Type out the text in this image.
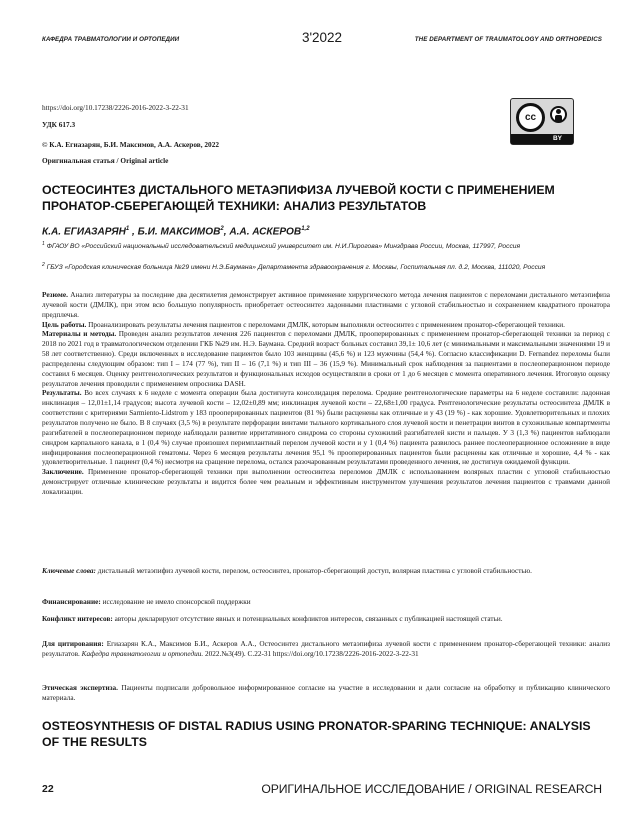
КАФЕДРА ТРАВМАТОЛОГИИ И ОРТОПЕДИИ	3'2022	THE DEPARTMENT OF TRAUMATOLOGY AND ORTHOPEDICS
https://doi.org/10.17238/2226-2016-2022-3-22-31
УДК 617.3
© К.А. Егиазарян, Б.И. Максимов, А.А. Аскеров, 2022
Оригинальная статья / Original article
cc
BY
ОСТЕОСИНТЕЗ ДИСТАЛЬНОГО МЕТАЭПИФИЗА ЛУЧЕВОЙ КОСТИ С ПРИМЕНЕНИЕМ ПРОНАТОР-СБЕРЕГАЮЩЕЙ ТЕХНИКИ: АНАЛИЗ РЕЗУЛЬТАТОВ
К.А. ЕГИАЗАРЯН$^1$ , Б.И. МАКСИМОВ$^2$, А.А. АСКЕРОВ$^{1,2}$
$^1$ ФГАОУ ВО «Российский национальный исследовательский медицинский университет им. Н.И.Пирогова» Минздрава России, Москва, 117997, Россия
$^2$ ГБУЗ «Городская клиническая больница №29 имени Н.Э.Баумана» Департамента здравоохранения г. Москвы, Госпитальная пл. д.2, Москва, 111020, Россия

Резюме. Анализ литературы за последние два десятилетия демонстрирует активное применение хирургического метода лечения пациентов с переломами дистального метаэпифиза лучевой кости (ДМЛК), при этом всю большую популярность приобретает остеосинтез ладонными пластинами с угловой стабильностью и сохранением квадратного пронатора предплечья.

Цель работы. Проанализировать результаты лечения пациентов с переломами ДМЛК, которым выполняли остеосинтез с применением пронатор-сберегающей техники.

Материалы и методы. Проведен анализ результатов лечения 226 пациентов с переломами ДМЛК, прооперированных с применением пронатор-сберегающей техники за период с 2018 по 2021 год в травматологическом отделении ГКБ №29 им. Н.Э. Баумана. Средний возраст больных составил 39,1± 10,6 лет (с минимальными и максимальными значениями 19 и 58 лет соответственно). Среди включенных в исследование пациентов было 103 женщины (45,6 %) и 123 мужчины (54,4 %). Согласно классификации D. Fernandez переломы были распределены следующим образом: тип I – 174 (77 %), тип II – 16 (7,1 %) и тип III – 36 (15,9 %). Минимальный срок наблюдения за пациентами в послеоперационном периоде составил 6 месяцев. Оценку рентгенологических результатов и функциональных исходов осуществляли в сроки от 1 до 6 месяцев с момента оперативного лечения. Итоговую оценку результатов лечения проводили с применением опросника DASH.

Результаты. Во всех случаях к 6 неделе с момента операции была достигнута консолидация перелома. Средние рентгенологические параметры на 6 неделе составили: ладонная инклинация – 12,01±1,14 градусов; высота лучевой кости – 12,02±0,89 мм; инклинация лучевой кости – 22,68±1,00 градуса. Рентгенологические результаты остеосинтеза ДМЛК в соответствии с критериями Sarmiento-Lidstrom у 183 прооперированных пациентов (81 %) были расценены как отличные и у 43 (19 %) - как хорошие. Удовлетворительных и плохих результатов получено не было. В 8 случаях (3,5 %) в результате перфорации винтами тыльного кортикального слоя лучевой кости и пенетрации винтов в сухожильные компартменты разгибателей в послеоперационном периоде наблюдали развитие ирритативного синдрома со стороны сухожилий разгибателей кисти и пальцев. У 3 (1,3 %) пациентов наблюдали синдром карпального канала, в 1 (0,4 %) случае произошел перимплантный перелом лучевой кости и у 1 (0,4 %) пациента развилось раннее послеоперационное осложнение в виде инфицирования послеоперационной гематомы. Через 6 месяцев результаты лечения 95,1 % прооперированных пациентов были расценены как отличные и хорошие, 4,4 % - как удовлетворительные. 1 пациент (0,4 %) несмотря на сращение перелома, остался разочарованным результатами проведенного лечения, не достигнув ожидаемой функции.

Заключение. Применение пронатор-сберегающей техники при выполнении остеосинтеза переломов ДМЛК с использованием волярных пластин с угловой стабильностью демонстрирует отличные клинические результаты и видится более чем реальным и эффективным инструментом улучшения результатов лечения пациентов с травмами данной локализации.

Ключевые слова: дистальный метаэпифиз лучевой кости, перелом, остеосинтез, пронатор-сберегающий доступ, волярная пластина с угловой стабильностью.
Финансирование: исследование не имело спонсорской поддержки
Конфликт интересов: авторы декларируют отсутствие явных и потенциальных конфликтов интересов, связанных с публикацией настоящей статьи.
Для цитирования: Егиазарян К.А., Максимов Б.И., Аскеров А.А., Остеосинтез дистального метаэпифиза лучевой кости с применением пронатор-сберегающей техники: анализ результатов. Кафедра травматологии и ортопедии. 2022.№3(49). С.22-31 https://doi.org/10.17238/2226-2016-2022-3-22-31
Этическая экспертиза. Пациенты подписали добровольное информированное согласие на участие в исследовании и дали согласие на обработку и публикацию клинического материала.
OSTEOSYNTHESIS OF DISTAL RADIUS USING PRONATOR-SPARING TECHNIQUE: ANALYSIS OF THE RESULTS
22	ОРИГИНАЛЬНОЕ ИССЛЕДОВАНИЕ / ORIGINAL RESEARCH
